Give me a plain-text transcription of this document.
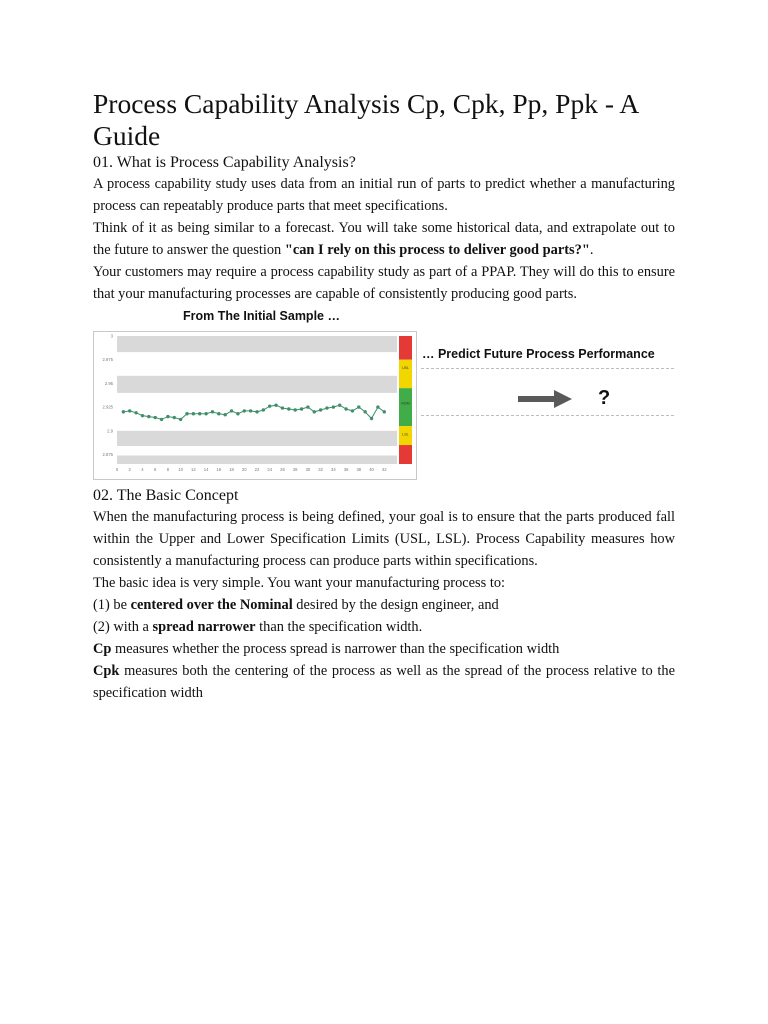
Process Capability Analysis Cp, Cpk, Pp, Ppk - A Guide
01. What is Process Capability Analysis?

A process capability study uses data from an initial run of parts to predict whether a manufacturing process can repeatably produce parts that meet specifications.

Think of it as being similar to a forecast. You will take some historical data, and extrapolate out to the future to answer the question "can I rely on this process to deliver good parts?".

Your customers may require a process capability study as part of a PPAP. They will do this to ensure that your manufacturing processes are capable of consistently producing good parts.

From The Initial Sample …
USL
NOM
LSL
3
2.975
2.95
2.925
2.9
2.875
0 2 4 6 8 10 12 14 16 18 20 22 24 26 28 30 32 34 36 38 40 42
… Predict Future Process Performance
?
02. The Basic Concept

When the manufacturing process is being defined, your goal is to ensure that the parts produced fall within the Upper and Lower Specification Limits (USL, LSL). Process Capability measures how consistently a manufacturing process can produce parts within specifications.

The basic idea is very simple. You want your manufacturing process to:

(1) be centered over the Nominal desired by the design engineer, and

(2) with a spread narrower than the specification width.

Cp measures whether the process spread is narrower than the specification width

Cpk measures both the centering of the process as well as the spread of the process relative to the specification width
